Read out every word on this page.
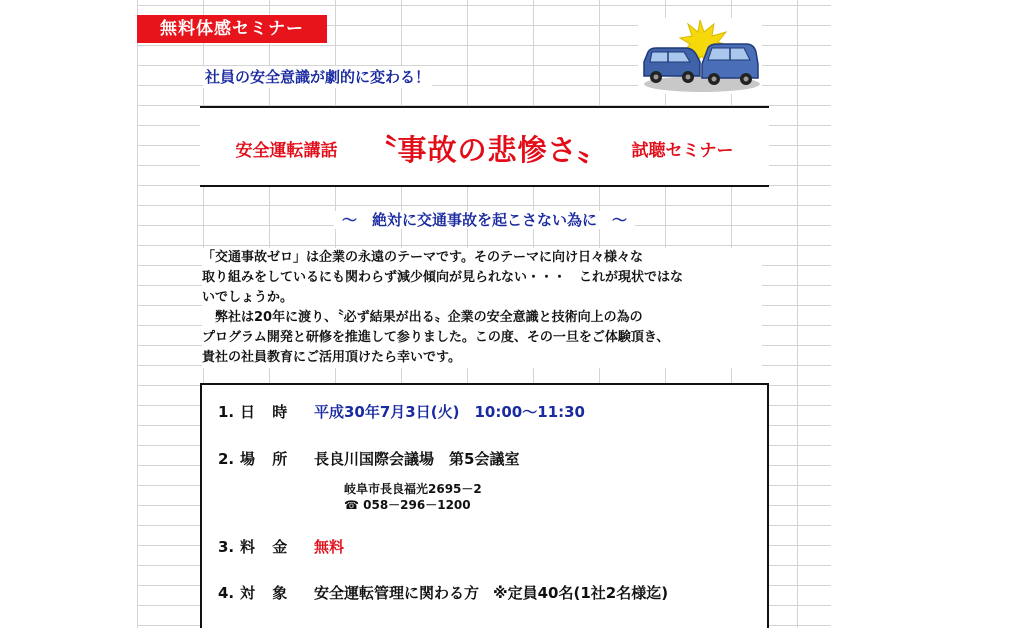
無料体感セミナー
社員の安全意識が劇的に変わる！
安全運転講話 〝事故の悲惨さ〟 試聴セミナー
～　絶対に交通事故を起こさない為に　～

「交通事故ゼロ」は企業の永遠のテーマです。そのテーマに向け日々様々な

取り組みをしているにも関わらず減少傾向が見られない・・・　これが現状ではな

いでしょうか。

　弊社は20年に渡り、〝必ず結果が出る〟企業の安全意識と技術向上の為の

プログラム開発と研修を推進して参りました。この度、その一旦をご体験頂き、

貴社の社員教育にご活用頂けたら幸いです。

1. 日 時 平成30年7月3日(火)　10:00～11:30
2. 場 所 長良川国際会議場　第5会議室
岐阜市長良福光2695－2
☎ 058－296－1200
3. 料 金 無料
4. 対 象 安全運転管理に関わる方 ※定員40名(1社2名様迄)
